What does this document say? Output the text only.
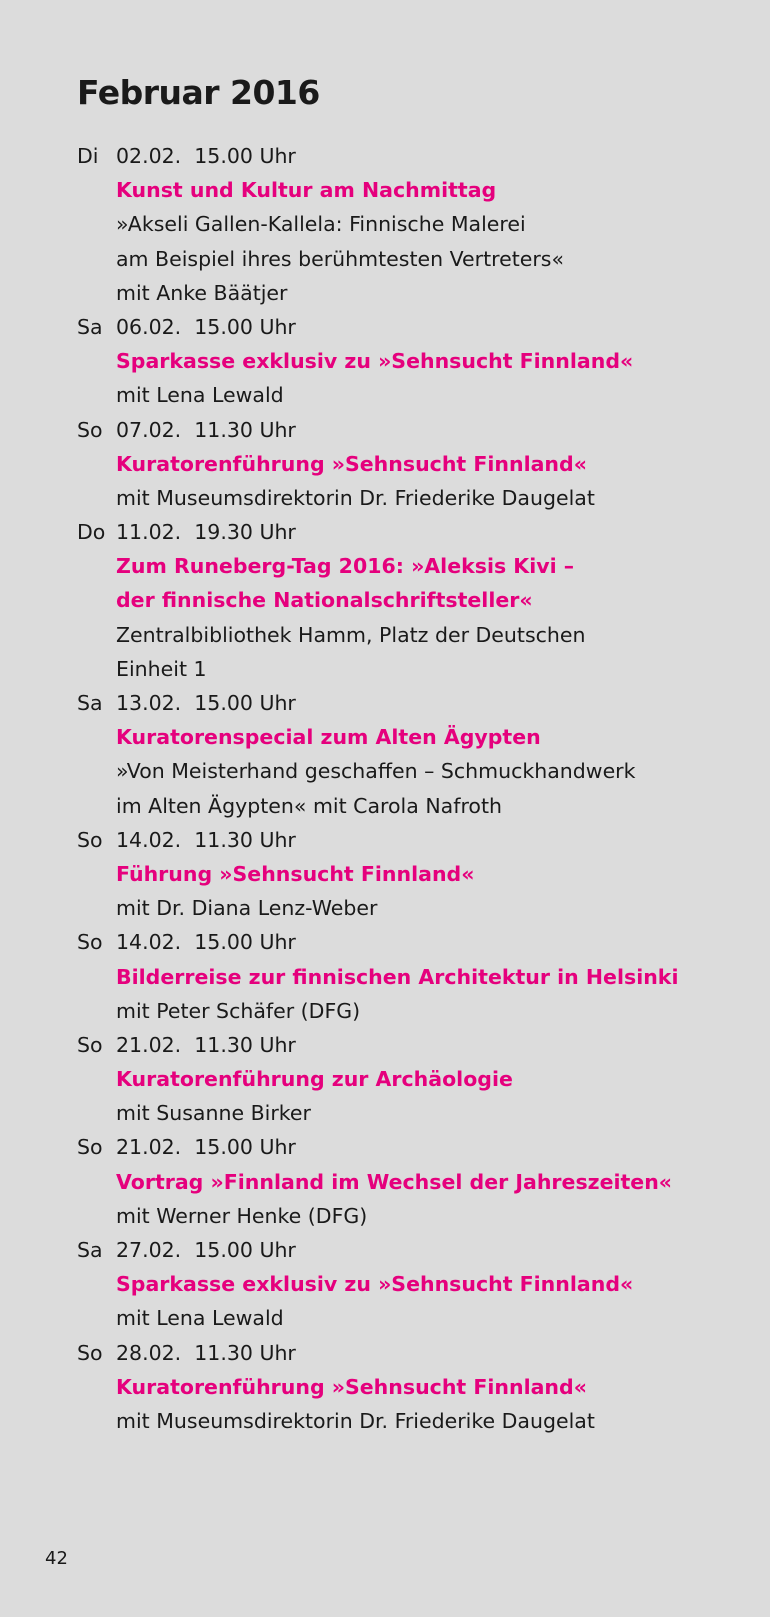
Februar 2016
Di 02.02.  15.00 Uhr
Kunst und Kultur am Nachmittag
»Akseli Gallen-Kallela: Finnische Malerei
am Beispiel ihres berühmtesten Vertreters«
mit Anke Bäätjer
Sa 06.02.  15.00 Uhr
Sparkasse exklusiv zu »Sehnsucht Finnland«
mit Lena Lewald
So 07.02.  11.30 Uhr
Kuratorenführung »Sehnsucht Finnland«
mit Museumsdirektorin Dr. Friederike Daugelat
Do 11.02.  19.30 Uhr
Zum Runeberg-Tag 2016: »Aleksis Kivi –
der finnische Nationalschriftsteller«
Zentralbibliothek Hamm, Platz der Deutschen
Einheit 1
Sa 13.02.  15.00 Uhr
Kuratorenspecial zum Alten Ägypten
»Von Meisterhand geschaffen – Schmuckhandwerk
im Alten Ägypten« mit Carola Nafroth
So 14.02.  11.30 Uhr
Führung »Sehnsucht Finnland«
mit Dr. Diana Lenz-Weber
So 14.02.  15.00 Uhr
Bilderreise zur finnischen Architektur in Helsinki
mit Peter Schäfer (DFG)
So 21.02.  11.30 Uhr
Kuratorenführung zur Archäologie
mit Susanne Birker
So 21.02.  15.00 Uhr
Vortrag »Finnland im Wechsel der Jahreszeiten«
mit Werner Henke (DFG)
Sa 27.02.  15.00 Uhr
Sparkasse exklusiv zu »Sehnsucht Finnland«
mit Lena Lewald
So 28.02.  11.30 Uhr
Kuratorenführung »Sehnsucht Finnland«
mit Museumsdirektorin Dr. Friederike Daugelat
42
